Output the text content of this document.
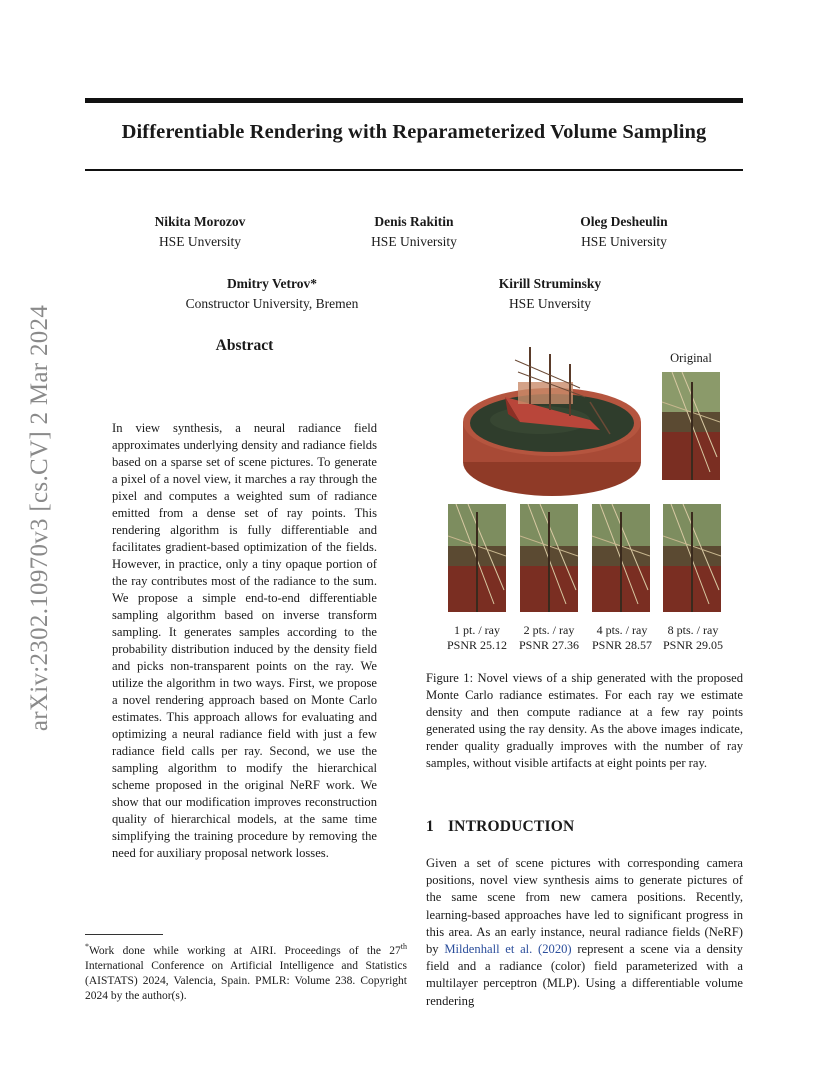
Differentiable Rendering with Reparameterized Volume Sampling
Nikita Morozov
HSE Unversity
Denis Rakitin
HSE University
Oleg Desheulin
HSE University
Dmitry Vetrov*
Constructor University, Bremen
Kirill Struminsky
HSE Unversity
arXiv:2302.10970v3 [cs.CV] 2 Mar 2024	Abstract
In view synthesis, a neural radiance field approximates underlying density and radiance fields based on a sparse set of scene pictures. To generate a pixel of a novel view, it marches a ray through the pixel and computes a weighted sum of radiance emitted from a dense set of ray points. This rendering algorithm is fully differentiable and facilitates gradient-based optimization of the fields. However, in practice, only a tiny opaque portion of the ray contributes most of the radiance to the sum. We propose a simple end-to-end differentiable sampling algorithm based on inverse transform sampling. It generates samples according to the probability distribution induced by the density field and picks non-transparent points on the ray. We utilize the algorithm in two ways. First, we propose a novel rendering approach based on Monte Carlo estimates. This approach allows for evaluating and optimizing a neural radiance field with just a few radiance field calls per ray. Second, we use the sampling algorithm to modify the hierarchical scheme proposed in the original NeRF work. We show that our modification improves reconstruction quality of hierarchical models, at the same time simplifying the training procedure by removing the need for auxiliary proposal network losses.
*Work done while working at AIRI. Proceedings of the 27th International Conference on Artificial Intelligence and Statistics (AISTATS) 2024, Valencia, Spain. PMLR: Volume 238. Copyright 2024 by the author(s).
Original
1 pt. / ray
PSNR 25.12
2 pts. / ray
PSNR 27.36
4 pts. / ray
PSNR 28.57
8 pts. / ray
PSNR 29.05
Figure 1: Novel views of a ship generated with the proposed Monte Carlo radiance estimates. For each ray we estimate density and then compute radiance at a few ray points generated using the ray density. As the above images indicate, render quality gradually improves with the number of ray samples, without visible artifacts at eight points per ray.
1 INTRODUCTION
Given a set of scene pictures with corresponding camera positions, novel view synthesis aims to generate pictures of the same scene from new camera positions. Recently, learning-based approaches have led to significant progress in this area. As an early instance, neural radiance fields (NeRF) by Mildenhall et al. (2020) represent a scene via a density field and a radiance (color) field parameterized with a multilayer perceptron (MLP). Using a differentiable volume rendering
